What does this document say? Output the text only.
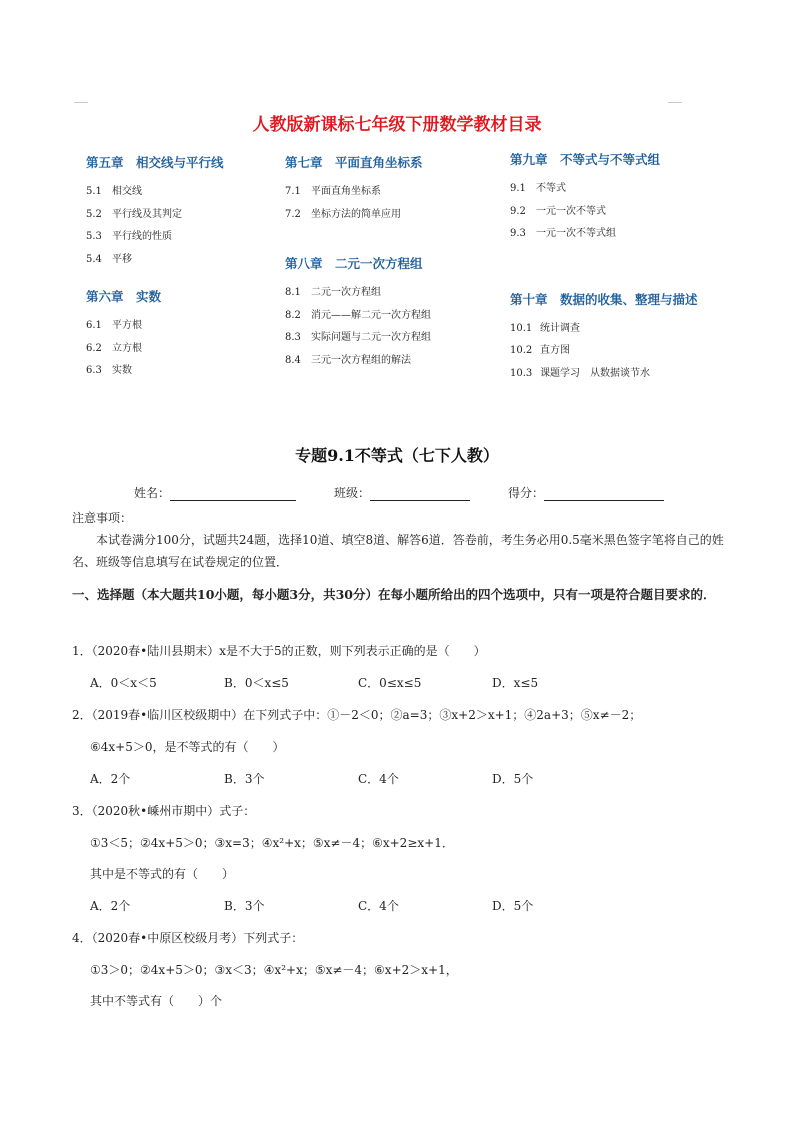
人教版新课标七年级下册数学教材目录
第五章　相交线与平行线
5.1 相交线
5.2 平行线及其判定
5.3 平行线的性质
5.4 平移
第六章　实数
6.1 平方根
6.2 立方根
6.3 实数
第七章　平面直角坐标系
7.1 平面直角坐标系
7.2 坐标方法的简单应用
第八章　二元一次方程组
8.1 二元一次方程组
8.2 消元——解二元一次方程组
8.3 实际问题与二元一次方程组
8.4 三元一次方程组的解法
第九章　不等式与不等式组
9.1 不等式
9.2 一元一次不等式
9.3 一元一次不等式组
第十章　数据的收集、整理与描述
10.1 统计调查
10.2 直方图
10.3 课题学习　从数据谈节水
专题9.1不等式（七下人教）
姓名：	班级：	得分：
注意事项：
本试卷满分100分，试题共24题，选择10道、填空8道、解答6道．答卷前，考生务必用0.5毫米黑色签字笔将自己的姓名、班级等信息填写在试卷规定的位置．
一、选择题（本大题共10小题，每小题3分，共30分）在每小题所给出的四个选项中，只有一项是符合题目要求的．
1．（2020春•陆川县期末）x是不大于5的正数，则下列表示正确的是（　　）
A．0＜x＜5	B．0＜x≤5	C．0≤x≤5	D．x≤5
2．（2019春•临川区校级期中）在下列式子中：①－2＜0；②a=3；③x+2＞x+1；④2a+3；⑤x≠－2；
⑥4x+5＞0，是不等式的有（　　）
A．2个	B．3个	C．4个	D．5个
3．（2020秋•嵊州市期中）式子：
①3＜5；②4x+5＞0；③x=3；④x²+x；⑤x≠－4；⑥x+2≥x+1．
其中是不等式的有（　　）
A．2个	B．3个	C．4个	D．5个
4．（2020春•中原区校级月考）下列式子：
①3＞0；②4x+5＞0；③x＜3；④x²+x；⑤x≠－4；⑥x+2＞x+1，
其中不等式有（　　）个
